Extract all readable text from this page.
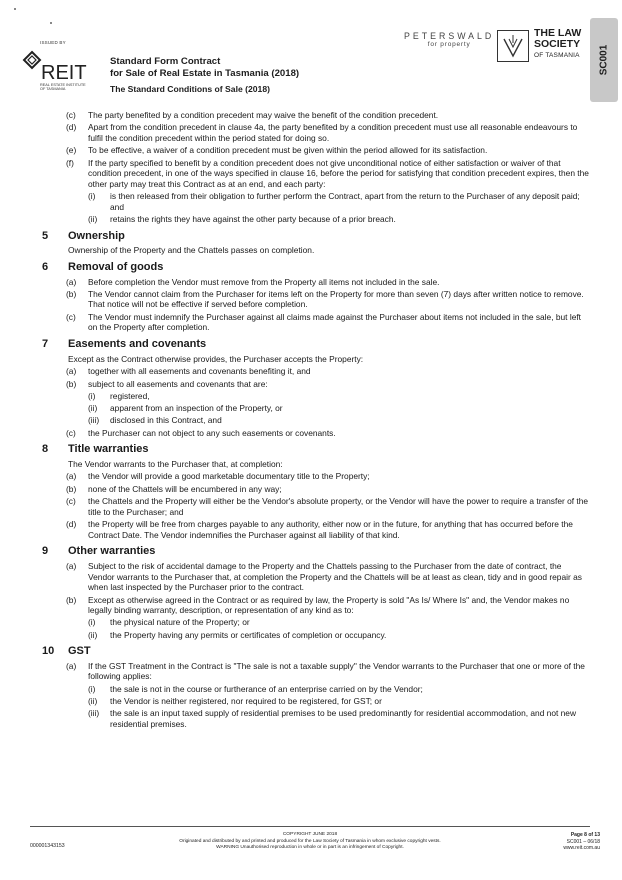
ISSUED BY
REIT
REAL ESTATE INSTITUTE
OF TASMANIA
Standard Form Contract
for Sale of Real Estate in Tasmania (2018)
The Standard Conditions of Sale (2018)
PETERSWALD
for property
THE LAW
SOCIETY
OF TASMANIA SC001
(c)	The party benefited by a condition precedent may waive the benefit of the condition precedent.
(d)	Apart from the condition precedent in clause 4a, the party benefited by a condition precedent must use all reasonable endeavours to fulfil the condition precedent within the period stated for doing so.
(e)	To be effective, a waiver of a condition precedent must be given within the period allowed for its satisfaction.
(f)	If the party specified to benefit by a condition precedent does not give unconditional notice of either satisfaction or waiver of that condition precedent, in one of the ways specified in clause 16, before the period for satisfying that condition precedent expires, then the other party may treat this Contract as at an end, and each party:
(i)	is then released from their obligation to further perform the Contract, apart from the return to the Purchaser of any deposit paid; and
(ii)	retains the rights they have against the other party because of a prior breach.
5	Ownership
Ownership of the Property and the Chattels passes on completion.
6	Removal of goods
(a)	Before completion the Vendor must remove from the Property all items not included in the sale.
(b)	The Vendor cannot claim from the Purchaser for items left on the Property for more than seven (7) days after written notice to remove. That notice will not be effective if served before completion.
(c)	The Vendor must indemnify the Purchaser against all claims made against the Purchaser about items not included in the sale, but left on the Property after completion.
7	Easements and covenants
Except as the Contract otherwise provides, the Purchaser accepts the Property:
(a)	together with all easements and covenants benefiting it, and
(b)	subject to all easements and covenants that are:
(i)	registered,
(ii)	apparent from an inspection of the Property, or
(iii)	disclosed in this Contract, and
(c)	the Purchaser can not object to any such easements or covenants.
8	Title warranties
The Vendor warrants to the Purchaser that, at completion:
(a)	the Vendor will provide a good marketable documentary title to the Property;
(b)	none of the Chattels will be encumbered in any way;
(c)	the Chattels and the Property will either be the Vendor's absolute property, or the Vendor will have the power to require a transfer of the title to the Purchaser; and
(d)	the Property will be free from charges payable to any authority, either now or in the future, for anything that has occurred before the Contract Date. The Vendor indemnifies the Purchaser against all liability of that kind.
9	Other warranties
(a)	Subject to the risk of accidental damage to the Property and the Chattels passing to the Purchaser from the date of contract, the Vendor warrants to the Purchaser that, at completion the Property and the Chattels will be at least as clean, tidy and in good repair as when last inspected by the Purchaser prior to the contract.
(b)	Except as otherwise agreed in the Contract or as required by law, the Property is sold "As Is/ Where Is" and, the Vendor makes no legally binding warranty, description, or representation of any kind as to:
(i)	the physical nature of the Property; or
(ii)	the Property having any permits or certificates of completion or occupancy.
10	GST
(a)	If the GST Treatment in the Contract is "The sale is not a taxable supply" the Vendor warrants to the Purchaser that one or more of the following applies:
(i)	the sale is not in the course or furtherance of an enterprise carried on by the Vendor;
(ii)	the Vendor is neither registered, nor required to be registered, for GST; or
(iii)	the sale is an input taxed supply of residential premises to be used predominantly for residential accommodation, and not new residential premises.
000001343153
COPYRIGHT JUNE 2018
Originated and distributed by and printed and produced for the Law Society of Tasmania in whom exclusive copyright vests.
WARNING Unauthorised reproduction in whole or in part is an infringement of Copyright.
Page 8 of 13
SC001 – 06/18
www.reit.com.au
